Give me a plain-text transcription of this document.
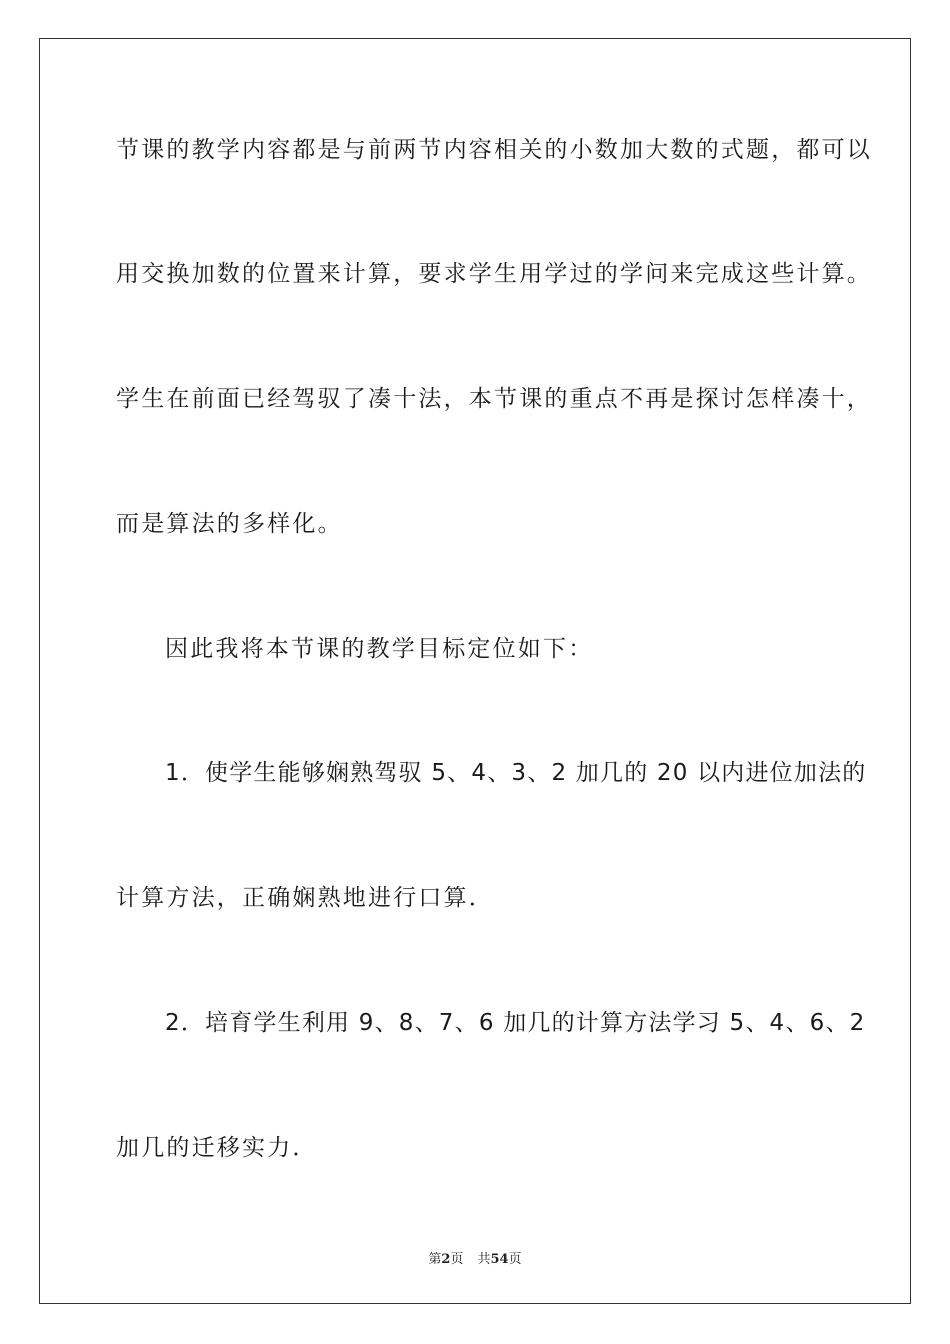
节课的教学内容都是与前两节内容相关的小数加大数的式题，都可以
用交换加数的位置来计算，要求学生用学过的学问来完成这些计算。
学生在前面已经驾驭了凑十法，本节课的重点不再是探讨怎样凑十，
而是算法的多样化。
因此我将本节课的教学目标定位如下：
1．使学生能够娴熟驾驭 5、4、3、2 加几的 20 以内进位加法的
计算方法，正确娴熟地进行口算．
2．培育学生利用 9、8、7、6 加几的计算方法学习 5、4、6、2
加几的迁移实力．
第2页 共54页
